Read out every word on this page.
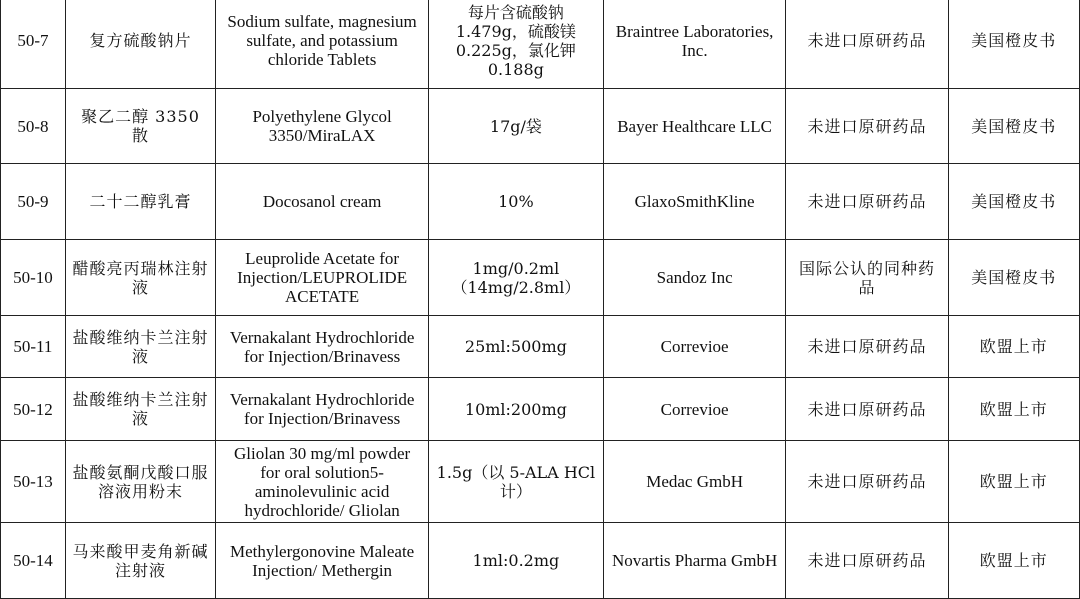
50-7	复方硫酸钠片	Sodium sulfate, magnesium sulfate, and potassium chloride Tablets	每片含硫酸钠1.479g，硫酸镁0.225g，氯化钾0.188g	Braintree Laboratories, Inc.	未进口原研药品	美国橙皮书
50-8	聚乙二醇 3350 散	Polyethylene Glycol 3350/MiraLAX	17g/袋	Bayer Healthcare LLC	未进口原研药品	美国橙皮书
50-9	二十二醇乳膏	Docosanol cream	10%	GlaxoSmithKline	未进口原研药品	美国橙皮书
50-10	醋酸亮丙瑞林注射液	Leuprolide Acetate for Injection/LEUPROLIDE ACETATE	1mg/0.2ml（14mg/2.8ml）	Sandoz Inc	国际公认的同种药品	美国橙皮书
50-11	盐酸维纳卡兰注射液	Vernakalant Hydrochloride for Injection/Brinavess	25ml:500mg	Correvioe	未进口原研药品	欧盟上市
50-12	盐酸维纳卡兰注射液	Vernakalant Hydrochloride for Injection/Brinavess	10ml:200mg	Correvioe	未进口原研药品	欧盟上市
50-13	盐酸氨酮戊酸口服溶液用粉末	Gliolan 30 mg/ml powder for oral solution5-aminolevulinic acid hydrochloride/ Gliolan	1.5g（以 5-ALA HCl 计）	Medac GmbH	未进口原研药品	欧盟上市
50-14	马来酸甲麦角新碱注射液	Methylergonovine Maleate Injection/ Methergin	1ml:0.2mg	Novartis Pharma GmbH	未进口原研药品	欧盟上市
